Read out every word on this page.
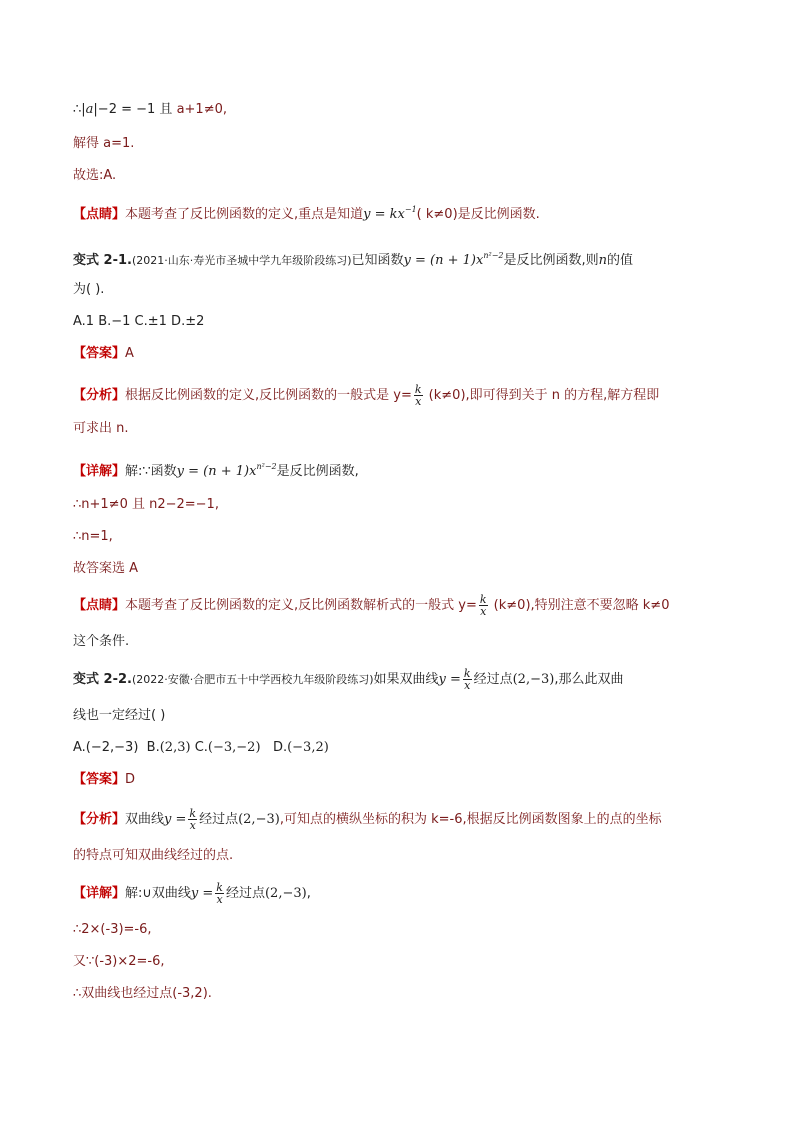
∴|a|−2 = −1 且 a+1≠0,
解得 a=1.
故选:A.
【点睛】本题考查了反比例函数的定义,重点是知道$y = kx^{-1}$( k≠0)是反比例函数.
变式 2-1.(2021·山东·寿光市圣城中学九年级阶段练习)已知函数$y = (n + 1)x^{n^2-2}$是反比例函数,则n的值
为( ).
A.1 B.−1 C.±1 D.±2
【答案】A
【分析】根据反比例函数的定义,反比例函数的一般式是 $y= \frac{k}{x} (k\ne 0)$,即可得到关于 n 的方程,解方程即
可求出 n.
【详解】解:∵函数$y = (n + 1)x^{n^2-2}$是反比例函数,
∴n+1≠0 且 n2−2=−1,
∴n=1,
故答案选 A
【点睛】本题考查了反比例函数的定义,反比例函数解析式的一般式 $y= \frac{k}{x} (k\ne 0)$,特别注意不要忽略 k≠0
这个条件.
变式 2-2.(2022·安徽·合肥市五十中学西校九年级阶段练习)如果双曲线$y = \frac{k}{x}$ 经过点(2,−3),那么此双曲
线也一定经过( )
A.(−2,−3) B.(2,3) C.(−3,−2) D.(−3,2)
【答案】D
【分析】双曲线$y = \frac{k}{x}$ 经过点(2,−3),可知点的横纵坐标的积为 k=-6,根据反比例函数图象上的点的坐标
的特点可知双曲线经过的点.
【详解】解:∪双曲线$y = \frac{k}{x}$ 经过点(2,−3),
∴2×(-3)=-6,
又∵(-3)×2=-6,
∴双曲线也经过点(-3,2).
